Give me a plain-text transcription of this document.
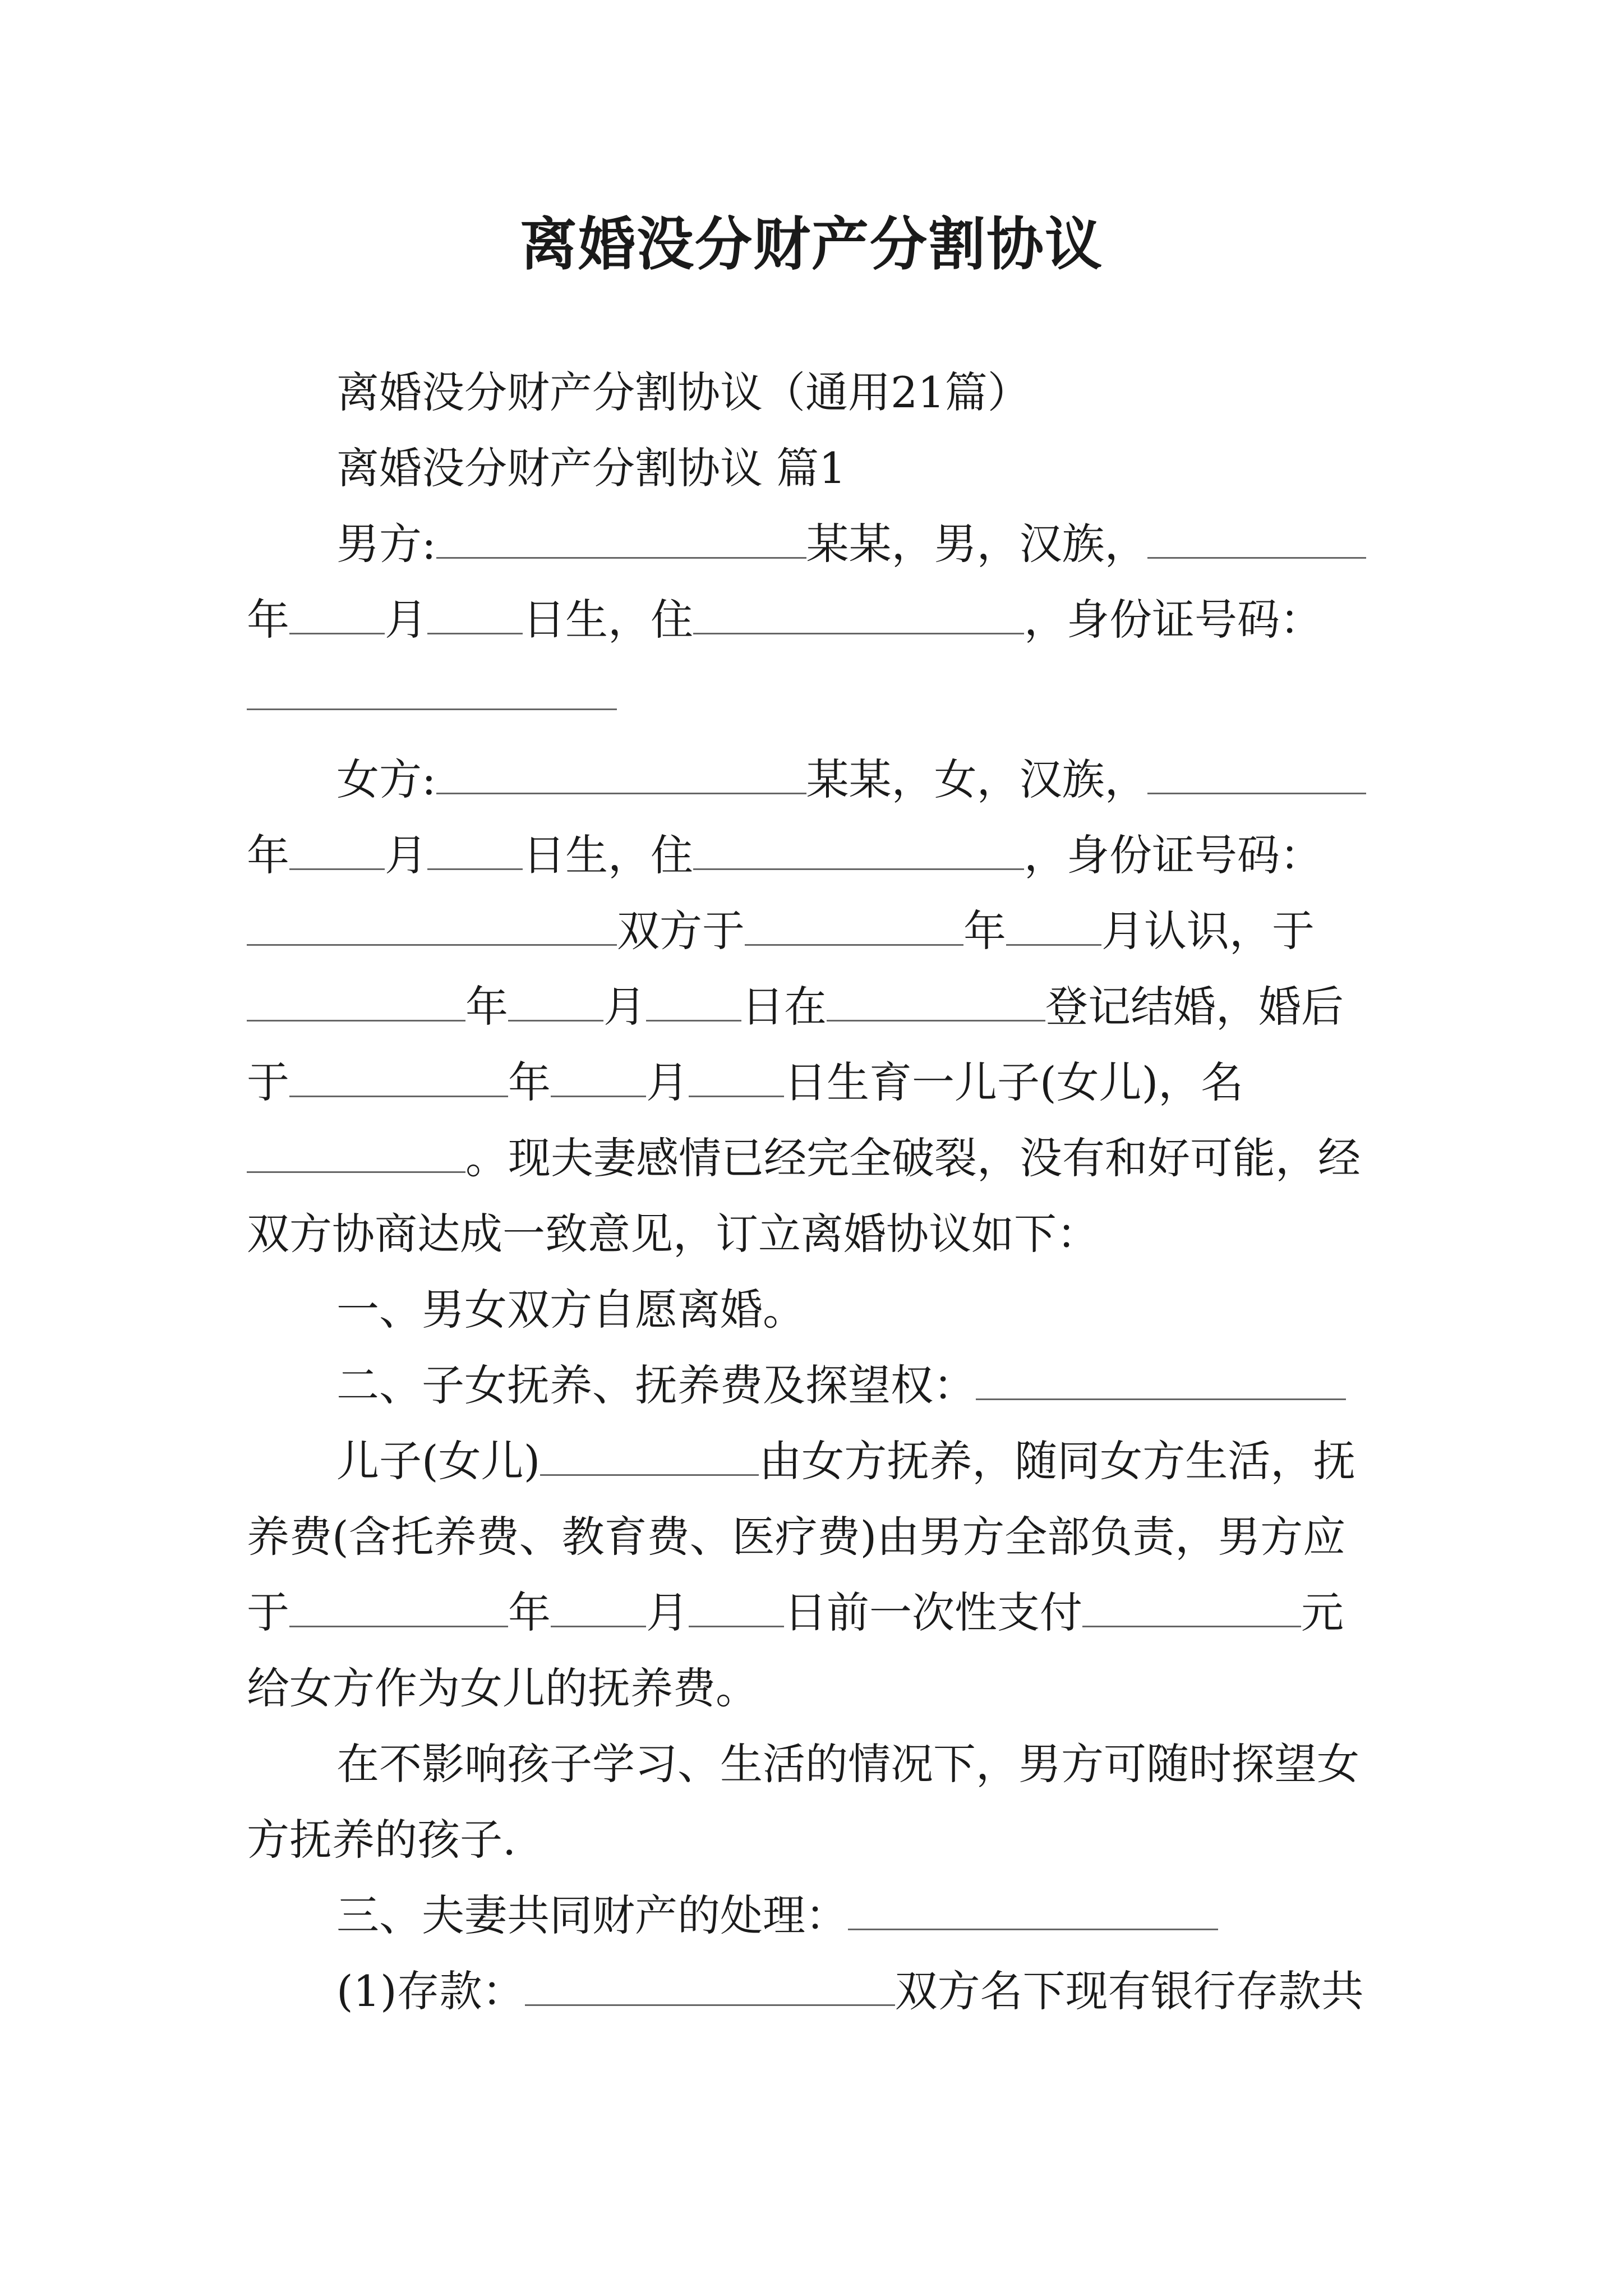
离婚没分财产分割协议
离婚没分财产分割协议（通用21篇）
离婚没分财产分割协议 篇1
男方:	某某，男，汉族，
年 月 日生，住	，身份证号码：
女方:	某某，女，汉族，
年 月 日生，住	，身份证号码：
双方于	年 月认识，于
年 月 日在	登记结婚，婚后
于	年 月 日生育一儿子(女儿)，名
。现夫妻感情已经完全破裂，没有和好可能，经
双方协商达成一致意见，订立离婚协议如下：
一、男女双方自愿离婚。
二、子女抚养、抚养费及探望权：
儿子(女儿)	由女方抚养，随同女方生活，抚
养费(含托养费、教育费、医疗费)由男方全部负责，男方应
于	年 月 日前一次性支付	元
给女方作为女儿的抚养费。
在不影响孩子学习、生活的情况下，男方可随时探望女
方抚养的孩子.
三、夫妻共同财产的处理：
(1)存款：	双方名下现有银行存款共
